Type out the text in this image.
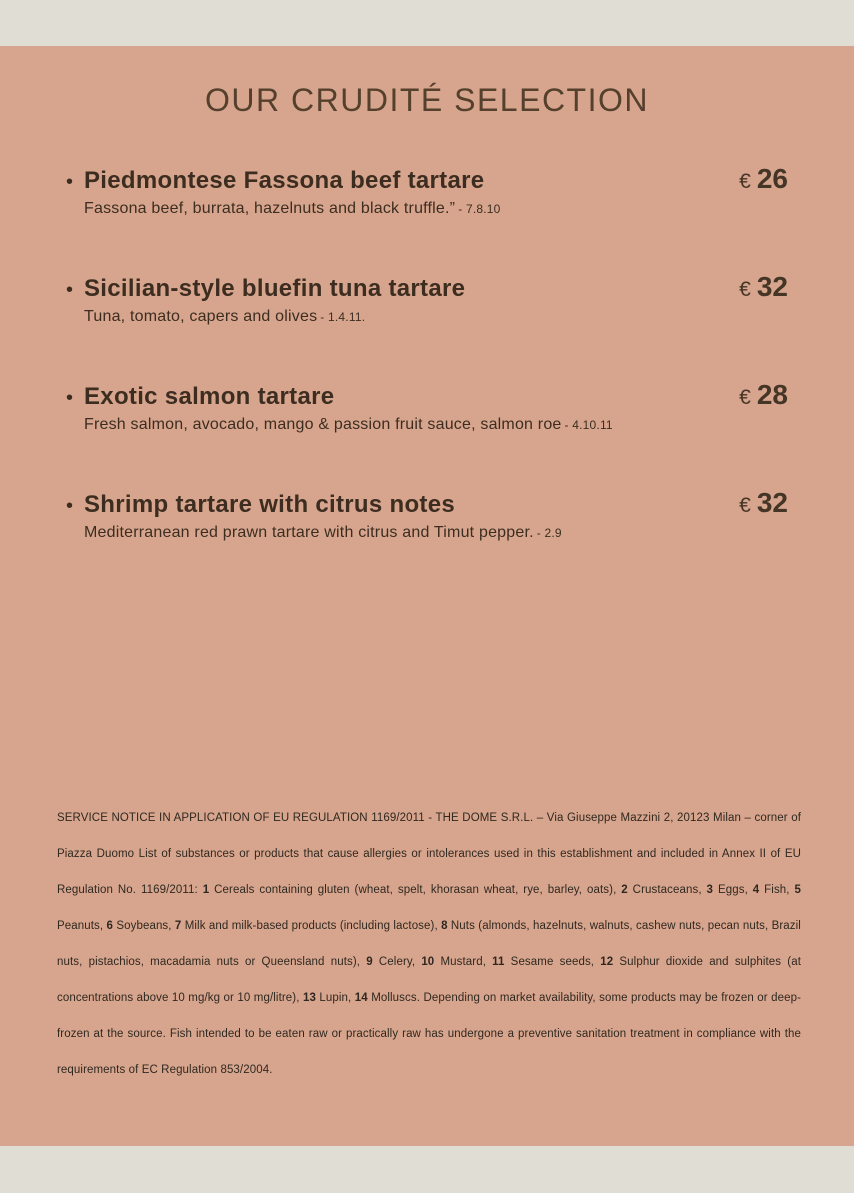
OUR CRUDITÉ SELECTION
• Piedmontese Fassona beef tartare	€ 26
Fassona beef, burrata, hazelnuts and black truffle.” - 7.8.10
• Sicilian-style bluefin tuna tartare	€ 32
Tuna, tomato, capers and olives - 1.4.11.
• Exotic salmon tartare	€ 28
Fresh salmon, avocado, mango & passion fruit sauce, salmon roe - 4.10.11
• Shrimp tartare with citrus notes	€ 32
Mediterranean red prawn tartare with citrus and Timut pepper. - 2.9

SERVICE NOTICE IN APPLICATION OF EU REGULATION 1169/2011 - THE DOME S.R.L. – Via Giuseppe Mazzini 2, 20123 Milan – corner of Piazza Duomo List of substances or products that cause allergies or intolerances used in this establishment and included in Annex II of EU Regulation No. 1169/2011: 1 Cereals containing gluten (wheat, spelt, khorasan wheat, rye, barley, oats), 2 Crustaceans, 3 Eggs, 4 Fish, 5 Peanuts, 6 Soybeans, 7 Milk and milk-based products (including lactose), 8 Nuts (almonds, hazelnuts, walnuts, cashew nuts, pecan nuts, Brazil nuts, pistachios, macadamia nuts or Queensland nuts), 9 Celery, 10 Mustard, 11 Sesame seeds, 12 Sulphur dioxide and sulphites (at concentrations above 10 mg/kg or 10 mg/litre), 13 Lupin, 14 Molluscs. Depending on market availability, some products may be frozen or deep-frozen at the source. Fish intended to be eaten raw or practically raw has undergone a preventive sanitation treatment in compliance with the requirements of EC Regulation 853/2004.
